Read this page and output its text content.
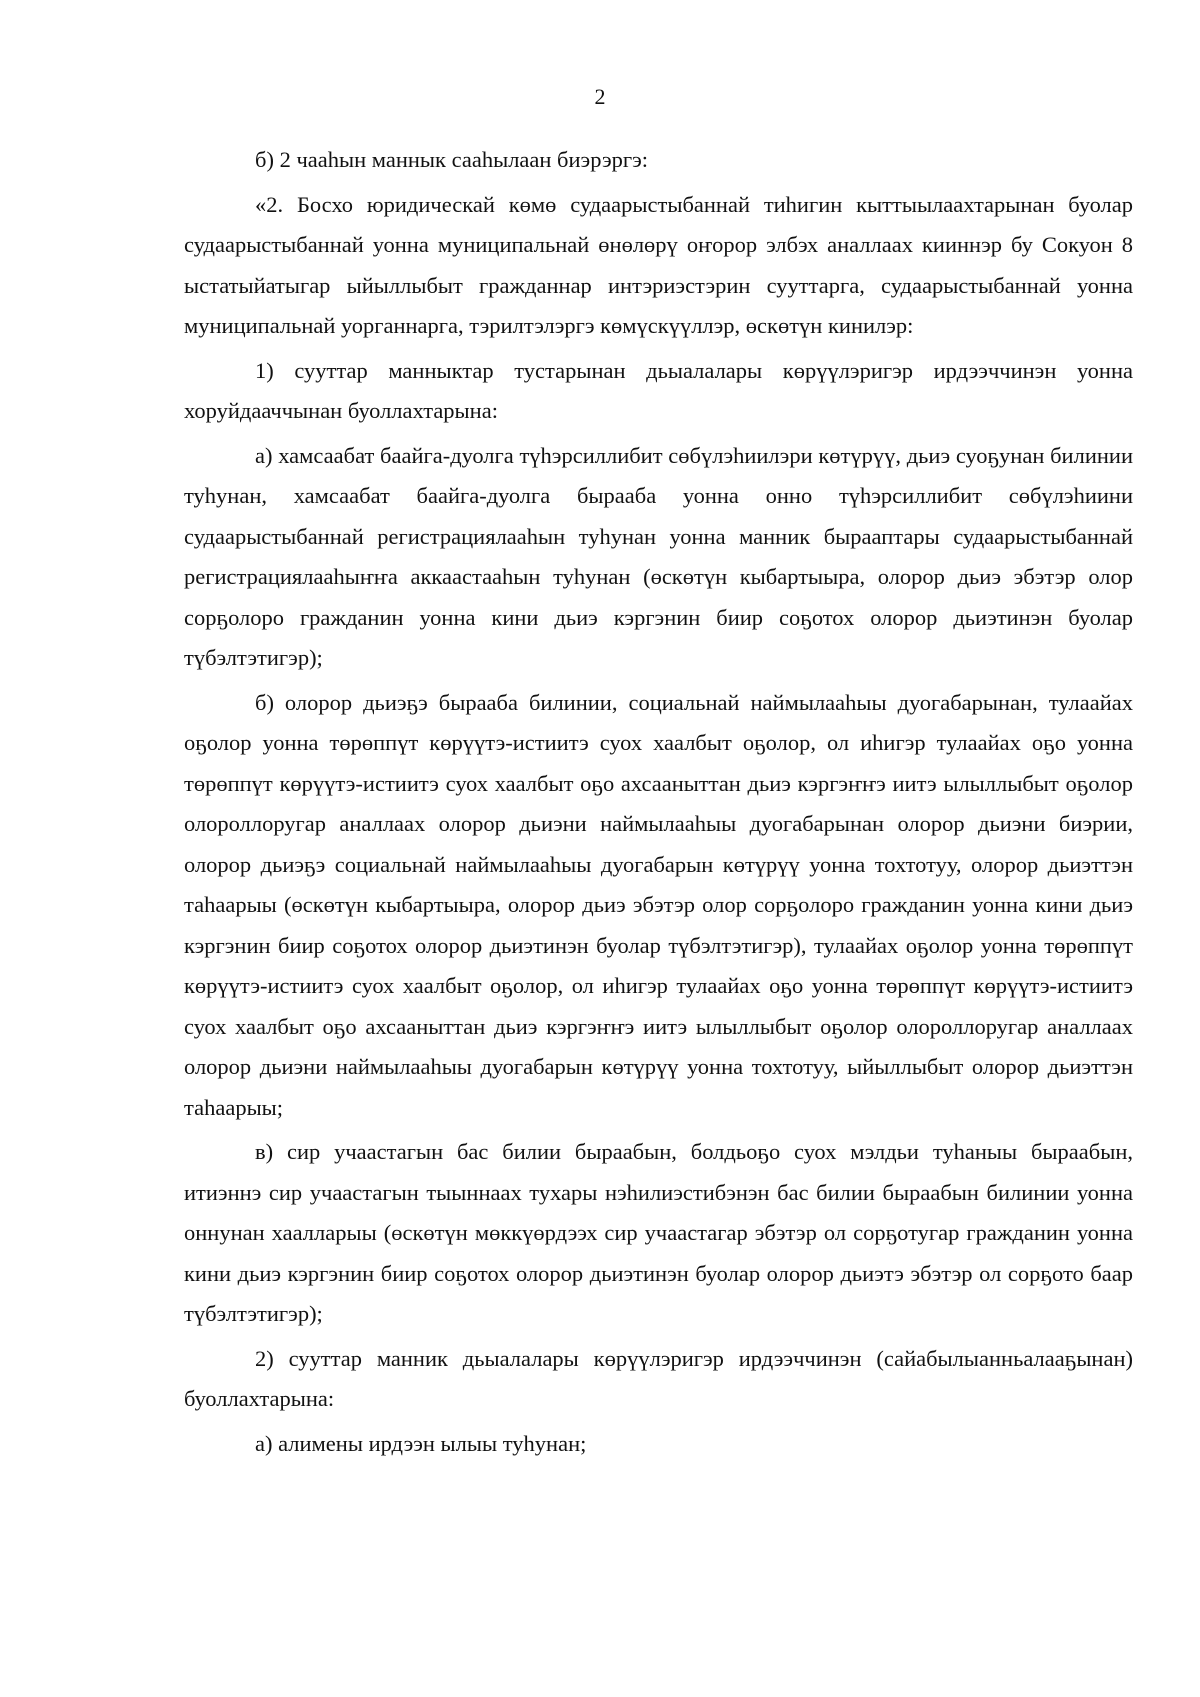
2

б) 2 чааһын маннык сааһылаан биэрэргэ:

«2. Босхо юридическай көмө судаарыстыбаннай тиһигин кыттыылаахтарынан буолар судаарыстыбаннай уонна муниципальнай өнөлөрү оҥорор элбэх аналлаах кииннэр бу Сокуон 8 ыстатыйатыгар ыйыллыбыт гражданнар интэриэстэрин сууттарга, судаарыстыбаннай уонна муниципальнай уорганнарга, тэрилтэлэргэ көмүскүүллэр, өскөтүн кинилэр:

1) сууттар манныктар тустарынан дьыалалары көрүүлэригэр ирдээччинэн уонна хоруйдааччынан буоллахтарына:

а) хамсаабат баайга-дуолга түһэрсиллибит сөбүлэһиилэри көтүрүү, дьиэ суоҕунан билинии туһунан, хамсаабат баайга-дуолга бырааба уонна онно түһэрсиллибит сөбүлэһиини судаарыстыбаннай регистрациялааһын туһунан уонна манник бырааптары судаарыстыбаннай регистрациялааһыҥҥа аккаастааһын туһунан (өскөтүн кыбартыыра, олорор дьиэ эбэтэр олор сорҕолоро гражданин уонна кини дьиэ кэргэнин биир соҕотох олорор дьиэтинэн буолар түбэлтэтигэр);

б) олорор дьиэҕэ бырааба билинии, социальнай наймылааһыы дуогабарынан, тулаайах оҕолор уонна төрөппүт көрүүтэ-истиитэ суох хаалбыт оҕолор, ол иһигэр тулаайах оҕо уонна төрөппүт көрүүтэ-истиитэ суох хаалбыт оҕо ахсааныттан дьиэ кэргэҥҥэ иитэ ылыллыбыт оҕолор олороллоругар аналлаах олорор дьиэни наймылааһыы дуогабарынан олорор дьиэни биэрии, олорор дьиэҕэ социальнай наймылааһыы дуогабарын көтүрүү уонна тохтотуу, олорор дьиэттэн таһаарыы (өскөтүн кыбартыыра, олорор дьиэ эбэтэр олор сорҕолоро гражданин уонна кини дьиэ кэргэнин биир соҕотох олорор дьиэтинэн буолар түбэлтэтигэр), тулаайах оҕолор уонна төрөппүт көрүүтэ-истиитэ суох хаалбыт оҕолор, ол иһигэр тулаайах оҕо уонна төрөппүт көрүүтэ-истиитэ суох хаалбыт оҕо ахсааныттан дьиэ кэргэҥҥэ иитэ ылыллыбыт оҕолор олороллоругар аналлаах олорор дьиэни наймылааһыы дуогабарын көтүрүү уонна тохтотуу, ыйыллыбыт олорор дьиэттэн таһаарыы;

в) сир учаастагын бас билии бырaабын, болдьоҕо суох мэлдьи туһаныы бырaабын, итиэннэ сир учаастагын тыыннаах тухары нэһилиэстибэнэн бас билии бырaабын билинии уонна оннунан хаалларыы (өскөтүн мөккүөрдээх сир учаастагар эбэтэр ол сорҕотугар гражданин уонна кини дьиэ кэргэнин биир соҕотох олорор дьиэтинэн буолар олорор дьиэтэ эбэтэр ол сорҕото баар түбэлтэтигэр);

2) сууттар манник дьыалалары көрүүлэригэр ирдээччинэн (сайабылыанньалааҕынан) буоллахтарына:

а) алимены ирдээн ылыы туһунан;
